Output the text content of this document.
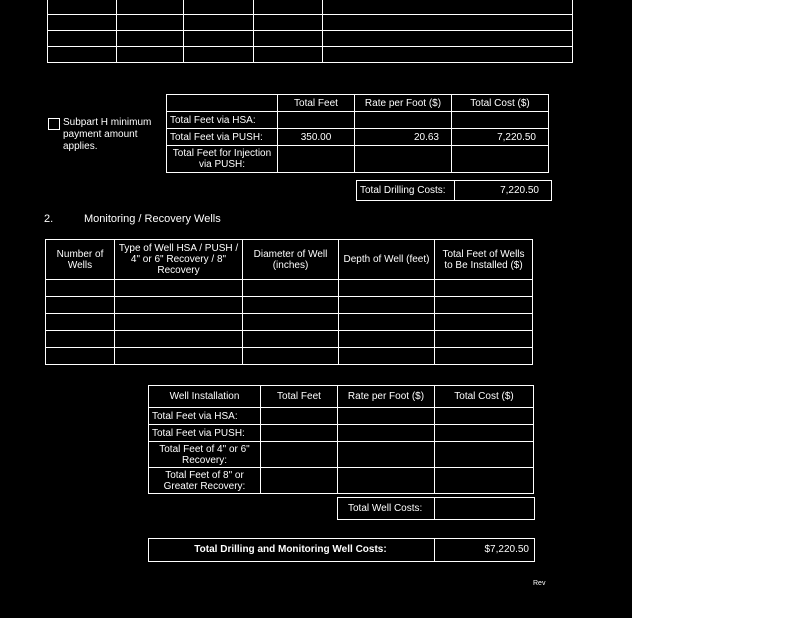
Subpart H minimum payment amount applies.
	Total Feet	Rate per Foot ($)	Total Cost ($)
Total Feet via HSA:			
Total Feet via PUSH:	350.00	20.63	7,220.50
Total Feet for Injection via PUSH:			
Total Drilling Costs:	7,220.50
2.	Monitoring / Recovery Wells
Number of Wells	Type of Well HSA / PUSH / 4" or 6" Recovery / 8" Recovery	Diameter of Well (inches)	Depth of Well (feet)	Total Feet of Wells to Be Installed ($)

Well Installation	Total Feet	Rate per Foot ($)	Total Cost ($)
Total Feet via HSA:			
Total Feet via PUSH:			
Total Feet of 4" or 6" Recovery:			
Total Feet of 8" or Greater Recovery:			
Total Well Costs:
Total Drilling and Monitoring Well Costs:	$7,220.50
Rev
